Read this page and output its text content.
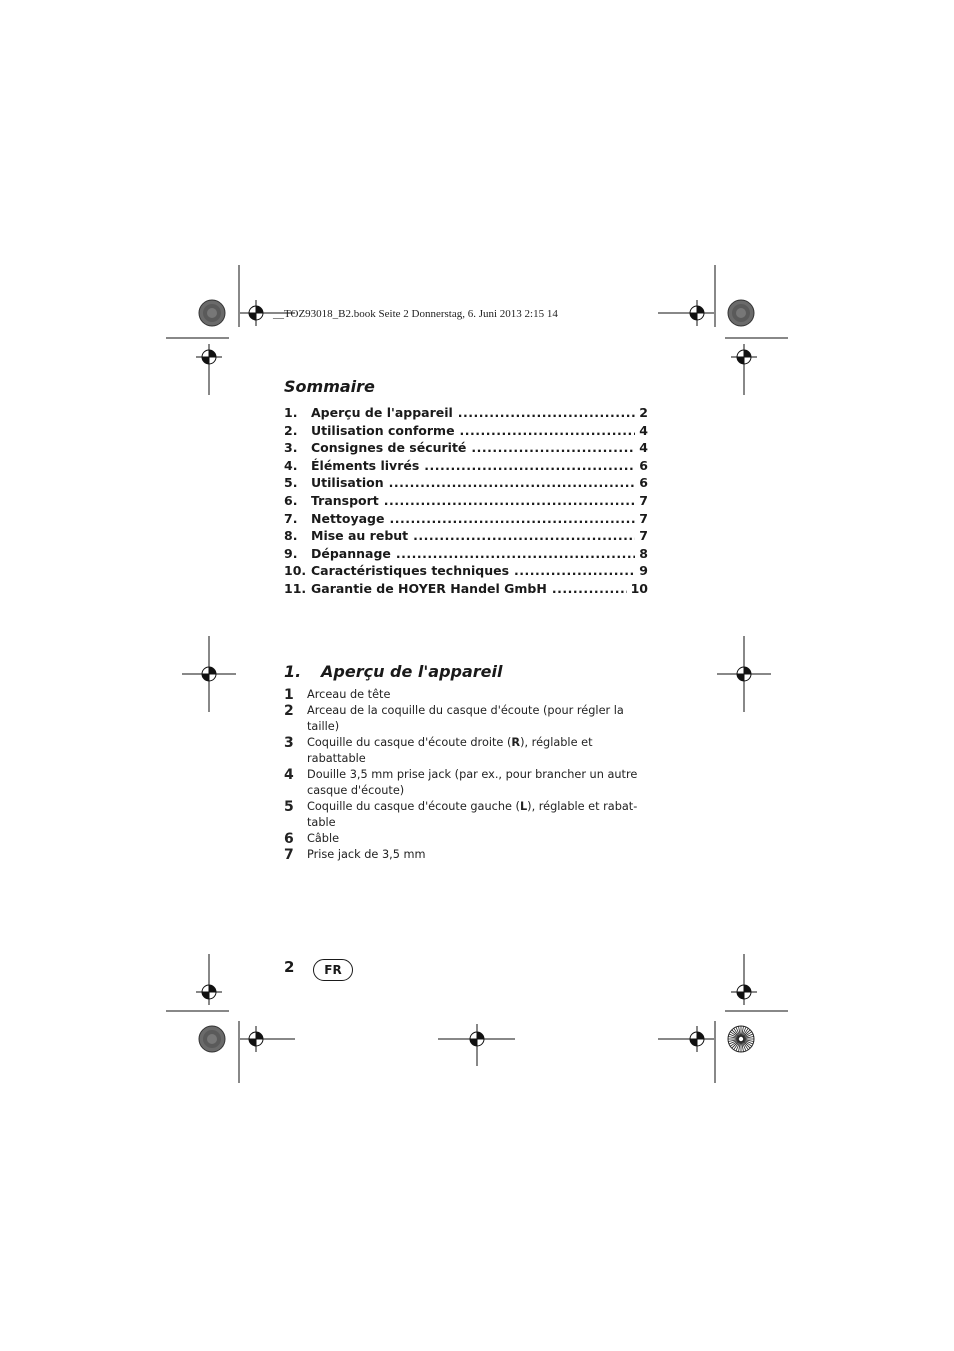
__TOZ93018_B2.book Seite 2 Donnerstag, 6. Juni 2013 2:15 14
Sommaire
1.	Aperçu de l'appareil .....	2
2.	Utilisation conforme .....	4
3.	Consignes de sécurité .....	4
4.	Éléments livrés .....	6
5.	Utilisation .....	6
6.	Transport .....	7
7.	Nettoyage .....	7
8.	Mise au rebut .....	7
9.	Dépannage .....	8
10. Caractéristiques techniques .....	9
11. Garantie de HOYER Handel GmbH .....	10
1. Aperçu de l'appareil
1 Arceau de tête
2 Arceau de la coquille du casque d'écoute (pour régler la taille)
3 Coquille du casque d'écoute droite (R), réglable et rabattable
4 Douille 3,5 mm prise jack (par ex., pour brancher un autre casque d'écoute)
5 Coquille du casque d'écoute gauche (L), réglable et rabat-table
6 Câble
7 Prise jack de 3,5 mm
2	FR
